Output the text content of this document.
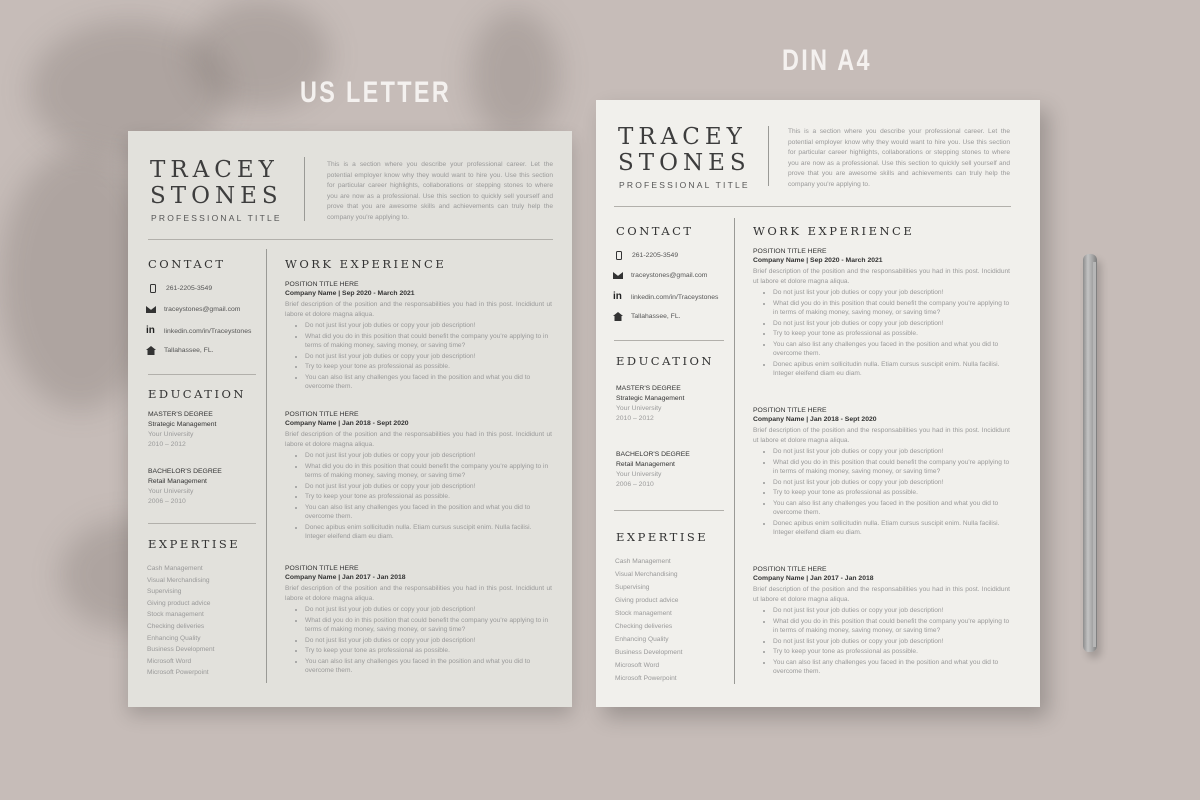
US LETTER
DIN A4
TRACEY
STONES
PROFESSIONAL TITLE
This is a section where you describe your professional career. Let the potential employer know why they would want to hire you. Use this section for particular career highlights, collaborations or stepping stones to where you are now as a professional. Use this section to quickly sell yourself and prove that you are awesome skills and achievements can truly help the company you're applying to.
CONTACT
261-2205-3549
traceystones@gmail.com
in linkedin.com/in/Traceystones
Tallahassee, FL.
EDUCATION
MASTER'S DEGREE
Strategic Management
Your University
2010 – 2012
BACHELOR'S DEGREE
Retail Management
Your University
2006 – 2010
EXPERTISE
Cash Management
Visual Merchandising
Supervising
Giving product advice
Stock management
Checking deliveries
Enhancing Quality
Business Development
Microsoft Word
Microsoft Powerpoint
WORK EXPERIENCE
POSITION TITLE HERE
Company Name | Sep 2020 - March 2021
Brief description of the position and the responsabilities you had in this post. Incididunt ut labore et dolore magna aliqua.
• Do not just list your job duties or copy your job description!
• What did you do in this position that could benefit the company you're applying to in terms of making money, saving money, or saving time?
• Do not just list your job duties or copy your job description!
• Try to keep your tone as professional as possible.
• You can also list any challenges you faced in the position and what you did to overcome them.
POSITION TITLE HERE
Company Name | Jan 2018 - Sept 2020
Brief description of the position and the responsabilities you had in this post. Incididunt ut labore et dolore magna aliqua.
• Do not just list your job duties or copy your job description!
• What did you do in this position that could benefit the company you're applying to in terms of making money, saving money, or saving time?
• Do not just list your job duties or copy your job description!
• Try to keep your tone as professional as possible.
• You can also list any challenges you faced in the position and what you did to overcome them.
• Donec apibus enim sollicitudin nulla. Etiam cursus suscipit enim. Nulla facilisi. Integer eleifend diam eu diam.
POSITION TITLE HERE
Company Name | Jan 2017 - Jan 2018
Brief description of the position and the responsabilities you had in this post. Incididunt ut labore et dolore magna aliqua.
• Do not just list your job duties or copy your job description!
• What did you do in this position that could benefit the company you're applying to in terms of making money, saving money, or saving time?
• Do not just list your job duties or copy your job description!
• Try to keep your tone as professional as possible.
• You can also list any challenges you faced in the position and what you did to overcome them.
TRACEY
STONES
PROFESSIONAL TITLE
This is a section where you describe your professional career. Let the potential employer know why they would want to hire you. Use this section for particular career highlights, collaborations or stepping stones to where you are now as a professional. Use this section to quickly sell yourself and prove that you are awesome skills and achievements can truly help the company you're applying to.
CONTACT
261-2205-3549
traceystones@gmail.com
in linkedin.com/in/Traceystones
Tallahassee, FL.
EDUCATION
MASTER'S DEGREE
Strategic Management
Your University
2010 – 2012
BACHELOR'S DEGREE
Retail Management
Your University
2006 – 2010
EXPERTISE
Cash Management
Visual Merchandising
Supervising
Giving product advice
Stock management
Checking deliveries
Enhancing Quality
Business Development
Microsoft Word
Microsoft Powerpoint
WORK EXPERIENCE
POSITION TITLE HERE
Company Name | Sep 2020 - March 2021
Brief description of the position and the responsabilities you had in this post. Incididunt ut labore et dolore magna aliqua.
• Do not just list your job duties or copy your job description!
• What did you do in this position that could benefit the company you're applying to in terms of making money, saving money, or saving time?
• Do not just list your job duties or copy your job description!
• Try to keep your tone as professional as possible.
• You can also list any challenges you faced in the position and what you did to overcome them.
• Donec apibus enim sollicitudin nulla. Etiam cursus suscipit enim. Nulla facilisi. Integer eleifend diam eu diam.
POSITION TITLE HERE
Company Name | Jan 2018 - Sept 2020
Brief description of the position and the responsabilities you had in this post. Incididunt ut labore et dolore magna aliqua.
• Do not just list your job duties or copy your job description!
• What did you do in this position that could benefit the company you're applying to in terms of making money, saving money, or saving time?
• Do not just list your job duties or copy your job description!
• Try to keep your tone as professional as possible.
• You can also list any challenges you faced in the position and what you did to overcome them.
• Donec apibus enim sollicitudin nulla. Etiam cursus suscipit enim. Nulla facilisi. Integer eleifend diam eu diam.
POSITION TITLE HERE
Company Name | Jan 2017 - Jan 2018
Brief description of the position and the responsabilities you had in this post. Incididunt ut labore et dolore magna aliqua.
• Do not just list your job duties or copy your job description!
• What did you do in this position that could benefit the company you're applying to in terms of making money, saving money, or saving time?
• Do not just list your job duties or copy your job description!
• Try to keep your tone as professional as possible.
• You can also list any challenges you faced in the position and what you did to overcome them.
